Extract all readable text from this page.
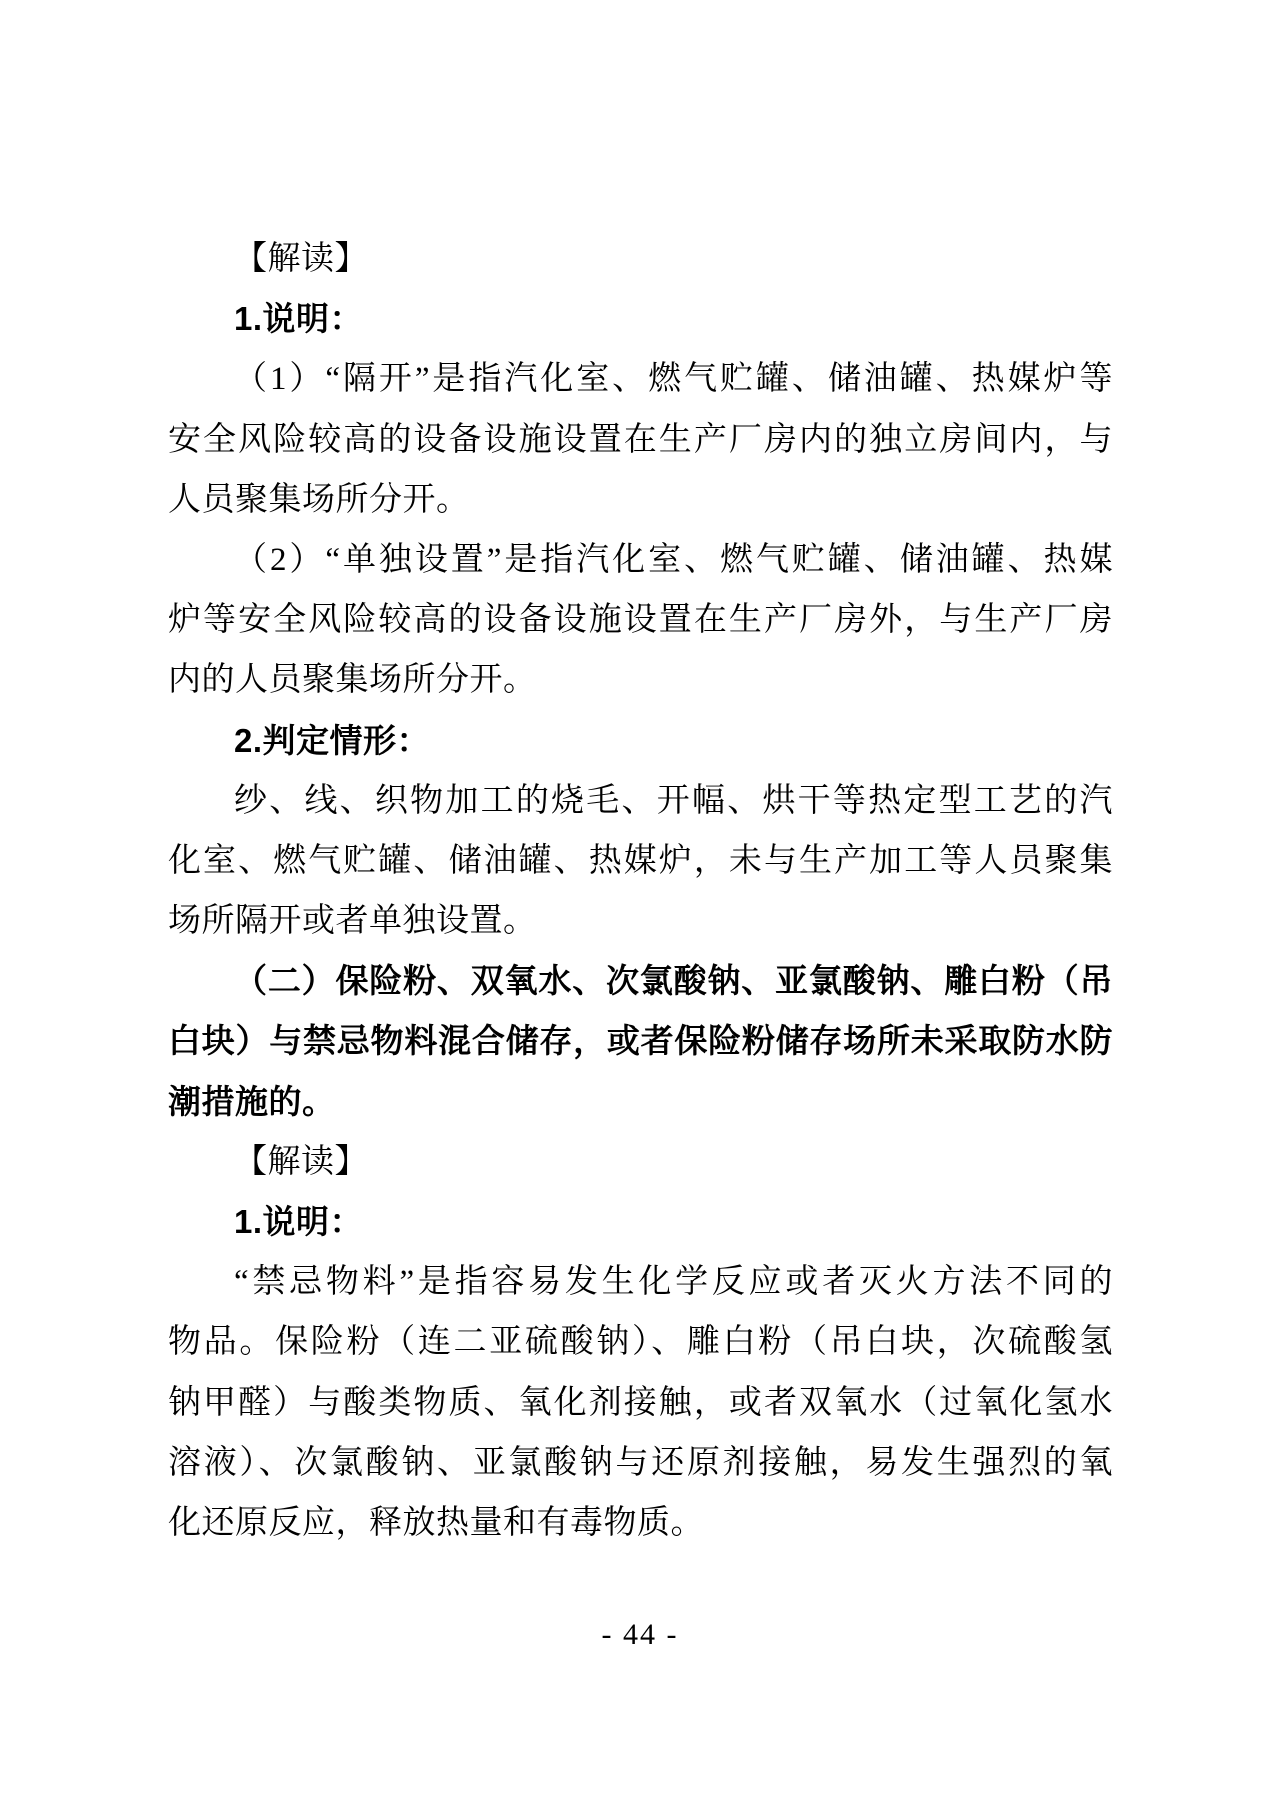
【解读】
1.说明：
（1）“隔开”是指汽化室、燃气贮罐、储油罐、热媒炉等
安全风险较高的设备设施设置在生产厂房内的独立房间内，与
人员聚集场所分开。
（2）“单独设置”是指汽化室、燃气贮罐、储油罐、热媒
炉等安全风险较高的设备设施设置在生产厂房外，与生产厂房
内的人员聚集场所分开。
2.判定情形：
纱、线、织物加工的烧毛、开幅、烘干等热定型工艺的汽
化室、燃气贮罐、储油罐、热媒炉，未与生产加工等人员聚集
场所隔开或者单独设置。
（二）保险粉、双氧水、次氯酸钠、亚氯酸钠、雕白粉（吊
白块）与禁忌物料混合储存，或者保险粉储存场所未采取防水防
潮措施的。
【解读】
1.说明：
“禁忌物料”是指容易发生化学反应或者灭火方法不同的
物品。保险粉（连二亚硫酸钠）、雕白粉（吊白块，次硫酸氢
钠甲醛）与酸类物质、氧化剂接触，或者双氧水（过氧化氢水
溶液）、次氯酸钠、亚氯酸钠与还原剂接触，易发生强烈的氧
化还原反应，释放热量和有毒物质。
- 44 -
